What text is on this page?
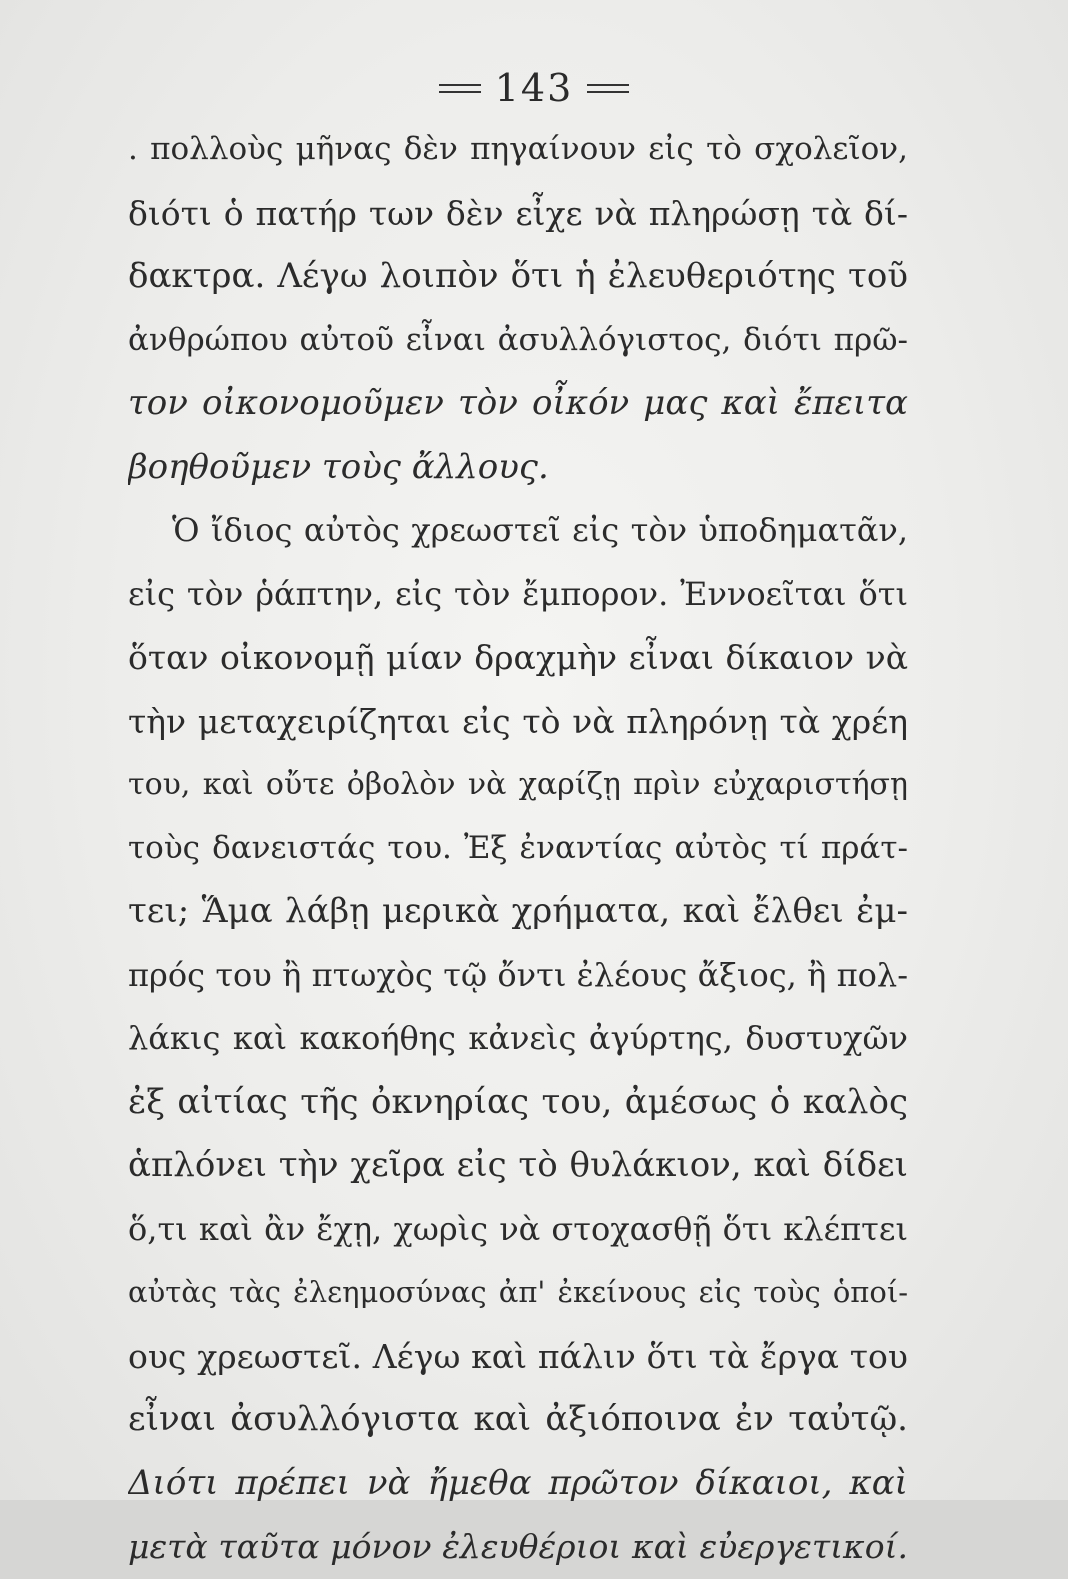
143
. πολλοὺς μῆνας δὲν πηγαίνουν εἰς τὸ σχολεῖον,
διότι ὁ πατήρ των δὲν εἶχε νὰ πληρώσῃ τὰ δί-
δακτρα. Λέγω λοιπὸν ὅτι ἡ ἐλευθεριότης τοῦ
ἀνθρώπου αὐτοῦ εἶναι ἀσυλλόγιστος, διότι πρῶ-
τον οἰκονομοῦμεν τὸν οἶκόν μας καὶ ἔπειτα
βοηθοῦμεν τοὺς ἄλλους.
Ὁ ἴδιος αὐτὸς χρεωστεῖ εἰς τὸν ὑποδηματᾶν,
εἰς τὸν ῥάπτην, εἰς τὸν ἔμπορον. Ἐννοεῖται ὅτι
ὅταν οἰκονομῇ μίαν δραχμὴν εἶναι δίκαιον νὰ
τὴν μεταχειρίζηται εἰς τὸ νὰ πληρόνῃ τὰ χρέη
του, καὶ οὔτε ὀβολὸν νὰ χαρίζῃ πρὶν εὐχαριστήσῃ
τοὺς δανειστάς του. Ἐξ ἐναντίας αὐτὸς τί πράτ-
τει; Ἅμα λάβῃ μερικὰ χρήματα, καὶ ἔλθει ἐμ-
πρός του ἢ πτωχὸς τῷ ὄντι ἐλέους ἄξιος, ἢ πολ-
λάκις καὶ κακοήθης κἀνεὶς ἀγύρτης, δυστυχῶν
ἐξ αἰτίας τῆς ὀκνηρίας του, ἀμέσως ὁ καλὸς
ἁπλόνει τὴν χεῖρα εἰς τὸ θυλάκιον, καὶ δίδει
ὅ,τι καὶ ἂν ἔχῃ, χωρὶς νὰ στοχασθῇ ὅτι κλέπτει
αὐτὰς τὰς ἐλεημοσύνας ἀπ' ἐκείνους εἰς τοὺς ὁποί-
ους χρεωστεῖ. Λέγω καὶ πάλιν ὅτι τὰ ἔργα του
εἶναι ἀσυλλόγιστα καὶ ἀξιόποινα ἐν ταὐτῷ.
Διότι πρέπει νὰ ἤμεθα πρῶτον δίκαιοι, καὶ
μετὰ ταῦτα μόνον ἐλευθέριοι καὶ εὐεργετικοί.
